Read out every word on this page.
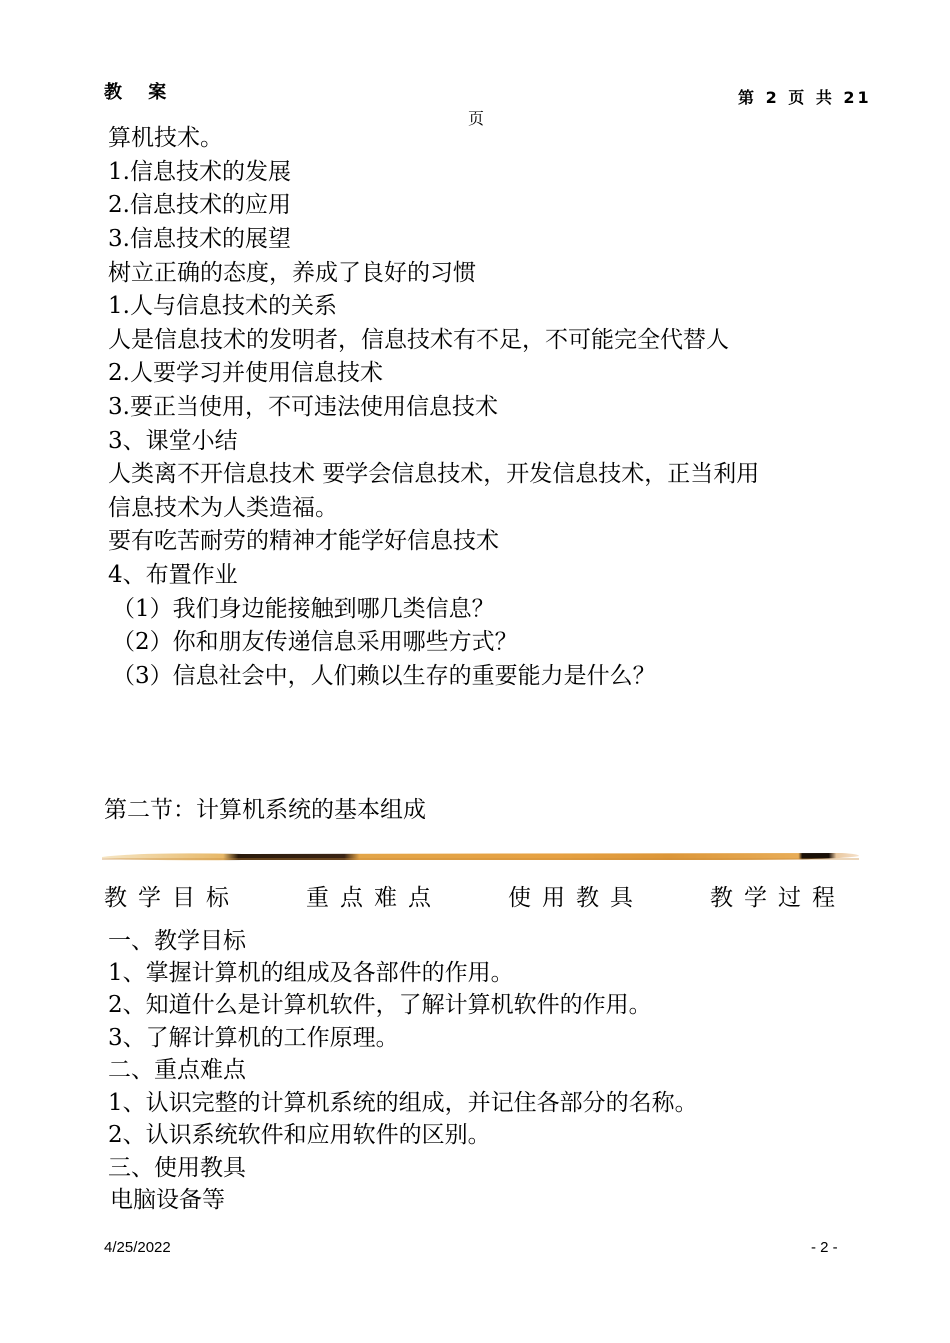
教 案	第 2 页 共 21
页
算机技术。
1.信息技术的发展
2.信息技术的应用
3.信息技术的展望
树立正确的态度，养成了良好的习惯
1.人与信息技术的关系
人是信息技术的发明者，信息技术有不足，不可能完全代替人
2.人要学习并使用信息技术
3.要正当使用，不可违法使用信息技术
3、课堂小结
人类离不开信息技术 要学会信息技术，开发信息技术，正当利用
信息技术为人类造福。
要有吃苦耐劳的精神才能学好信息技术
4、布置作业
（1）我们身边能接触到哪几类信息？
（2）你和朋友传递信息采用哪些方式？
（3）信息社会中，人们赖以生存的重要能力是什么？
第二节：计算机系统的基本组成
教学目标	重点难点	使用教具	教学过程
一、教学目标
1、掌握计算机的组成及各部件的作用。
2、知道什么是计算机软件，了解计算机软件的作用。
3、了解计算机的工作原理。
二、重点难点
1、认识完整的计算机系统的组成，并记住各部分的名称。
2、认识系统软件和应用软件的区别。
三、使用教具
电脑设备等
4/25/2022	- 2 -
